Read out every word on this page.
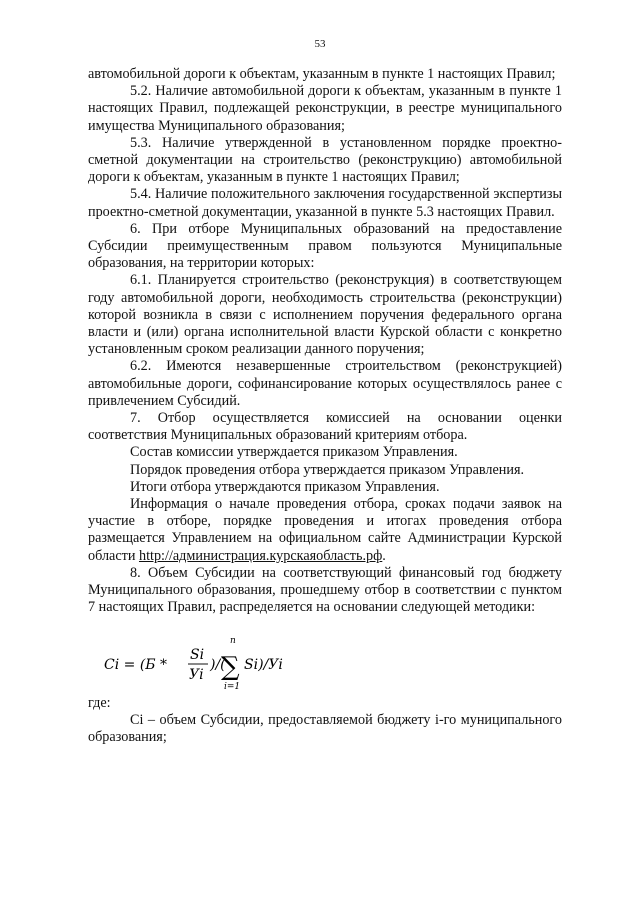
53

автомобильной дороги к объектам, указанным в пункте 1 настоящих Правил;

5.2. Наличие автомобильной дороги к объектам, указанным в пункте 1 настоящих Правил, подлежащей реконструкции, в реестре муниципального имущества Муниципального образования;

5.3. Наличие утвержденной в установленном порядке проектно-сметной документации на строительство (реконструкцию) автомобильной дороги к объектам, указанным в пункте 1 настоящих Правил;

5.4. Наличие положительного заключения государственной экспертизы проектно-сметной документации, указанной в пункте 5.3 настоящих Правил.

6. При отборе Муниципальных образований на предоставление Субсидии преимущественным правом пользуются Муниципальные образования, на территории которых:

6.1. Планируется строительство (реконструкция) в соответствующем году автомобильной дороги, необходимость строительства (реконструкции) которой возникла в связи с исполнением поручения федерального органа власти и (или) органа исполнительной власти Курской области с конкретно установленным сроком реализации данного поручения;

6.2. Имеются незавершенные строительством (реконструкцией) автомобильные дороги, софинансирование которых осуществлялось ранее с привлечением Субсидий.

7. Отбор осуществляется комиссией на основании оценки соответствия Муниципальных образований критериям отбора.

Состав комиссии утверждается приказом Управления.

Порядок проведения отбора утверждается приказом Управления.

Итоги отбора утверждаются приказом Управления.

Информация о начале проведения отбора, сроках подачи заявок на участие в отборе, порядке проведения и итогах проведения отбора размещается Управлением на официальном сайте Администрации Курской области http://администрация.курскаяобласть.рф.

8. Объем Субсидии на соответствующий финансовый год бюджету Муниципального образования, прошедшему отбор в соответствии с пунктом 7 настоящих Правил, распределяется на основании следующей методики:

Ci = (Б *
Si
Уi
)/(
n
∑
i=1
Si)/Уi

где:

Ci – объем Субсидии, предоставляемой бюджету i-го муниципального образования;
